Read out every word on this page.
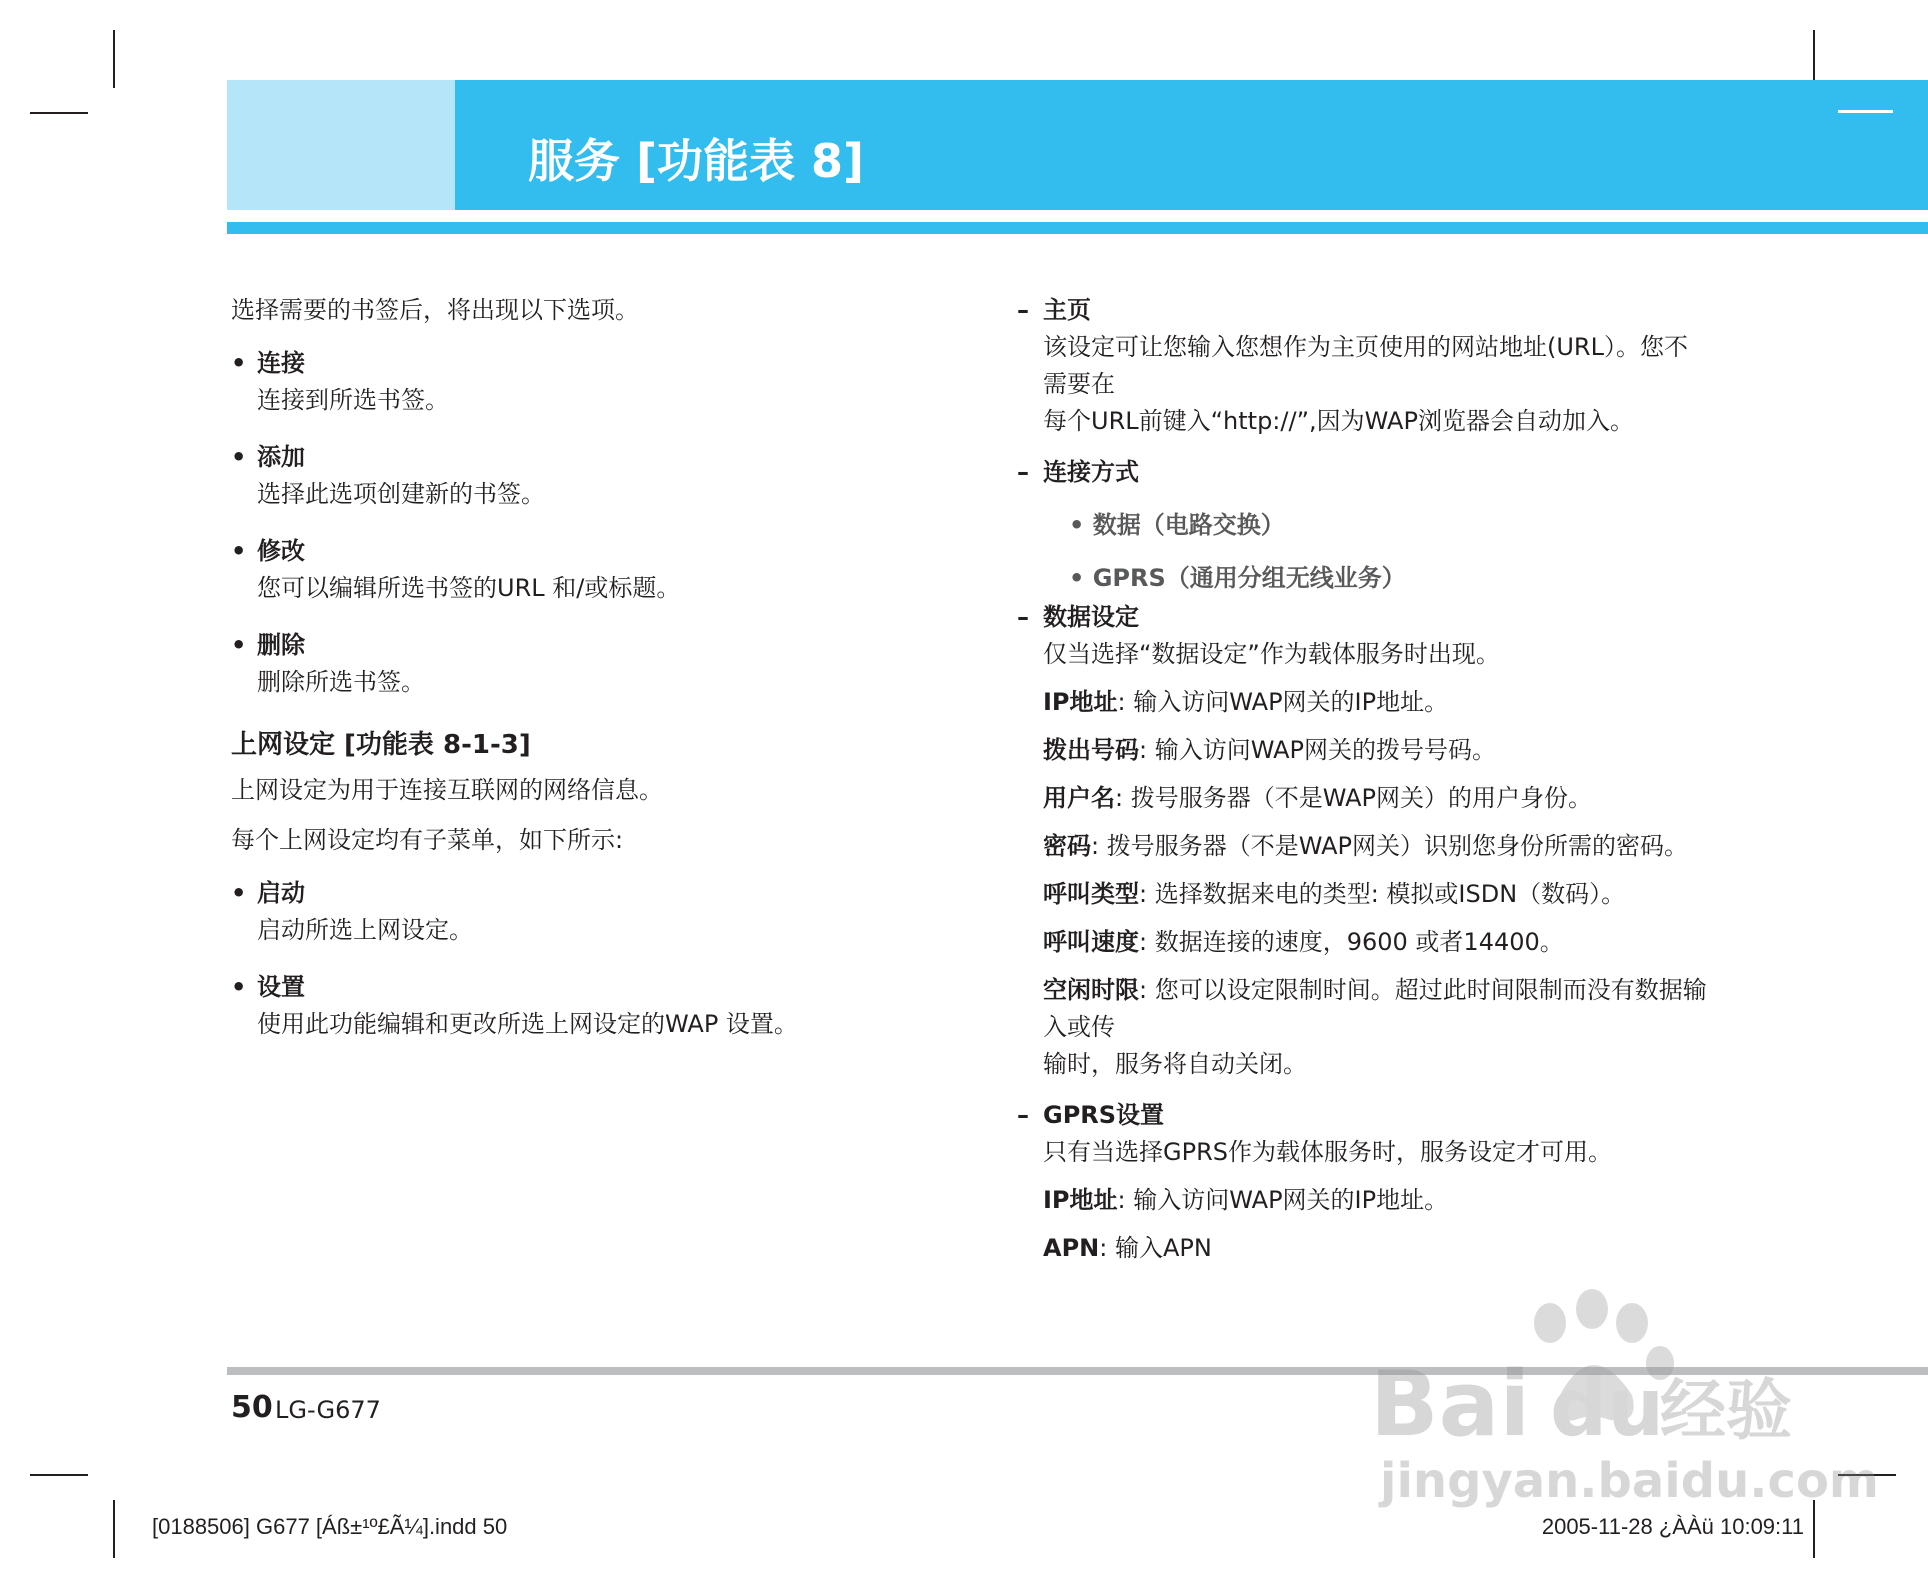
服务 [功能表 8]

选择需要的书签后，将出现以下选项。

• 连接

连接到所选书签。

• 添加

选择此选项创建新的书签。

• 修改

您可以编辑所选书签的URL 和/或标题。

• 删除

删除所选书签。

上网设定 [功能表 8-1-3]

上网设定为用于连接互联网的网络信息。

每个上网设定均有子菜单，如下所示:

• 启动

启动所选上网设定。

• 设置

使用此功能编辑和更改所选上网设定的WAP 设置。

– 主页

该设定可让您输入您想作为主页使用的网站地址(URL）。您不需要在

每个URL前键入“http://”,因为WAP浏览器会自动加入。

– 连接方式

• 数据（电路交换）

• GPRS（通用分组无线业务）

– 数据设定

仅当选择“数据设定”作为载体服务时出现。

IP地址: 输入访问WAP网关的IP地址。

拨出号码: 输入访问WAP网关的拨号号码。

用户名: 拨号服务器（不是WAP网关）的用户身份。

密码: 拨号服务器（不是WAP网关）识别您身份所需的密码。

呼叫类型: 选择数据来电的类型: 模拟或ISDN（数码）。

呼叫速度: 数据连接的速度，9600 或者14400。

空闲时限: 您可以设定限制时间。超过此时间限制而没有数据输入或传

输时，服务将自动关闭。

– GPRS设置

只有当选择GPRS作为载体服务时，服务设定才可用。

IP地址: 输入访问WAP网关的IP地址。

APN: 输入APN

50 LG-G677
[0188506] G677 [Áß±¹º£Ã¼].indd 50	2005-11-28 ¿ÀÀü 10:09:11
Bai du
经验
jingyan.baidu.com
